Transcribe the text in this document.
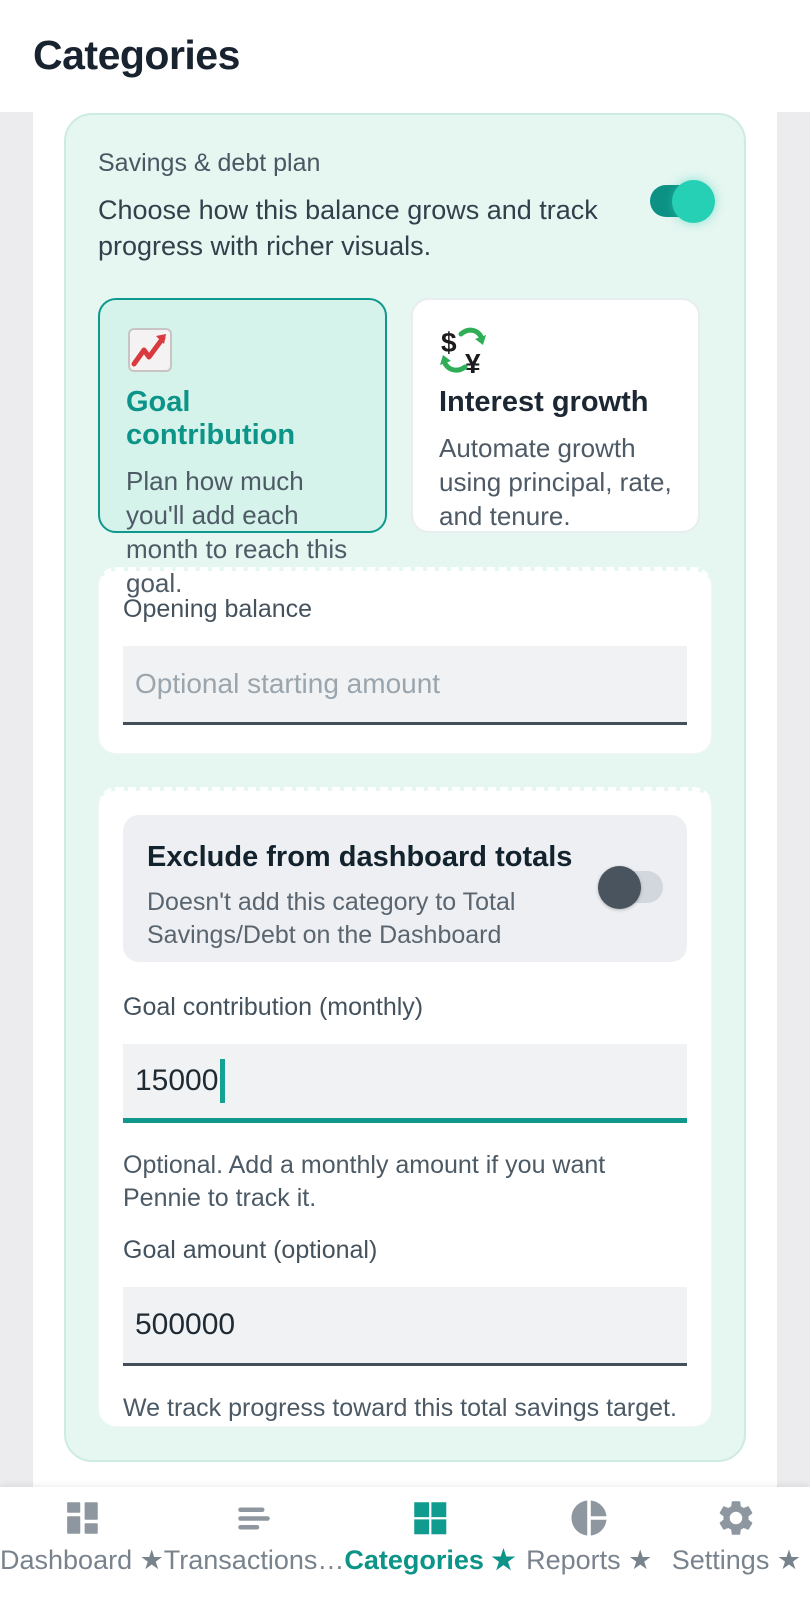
Categories
Savings & debt plan
Choose how this balance grows and track progress with richer visuals.
Goal contribution
Plan how much you'll add each month to reach this goal.
$
¥
Interest growth
Automate growth using principal, rate, and tenure.
Opening balance
Optional starting amount
Exclude from dashboard totals
Doesn't add this category to Total Savings/Debt on the Dashboard
Goal contribution (monthly)
15000
Optional. Add a monthly amount if you want Pennie to track it.
Goal amount (optional)
500000
We track progress toward this total savings target.
Dashboard ★ Transactions… Categories ★ Reports ★ Settings ★
